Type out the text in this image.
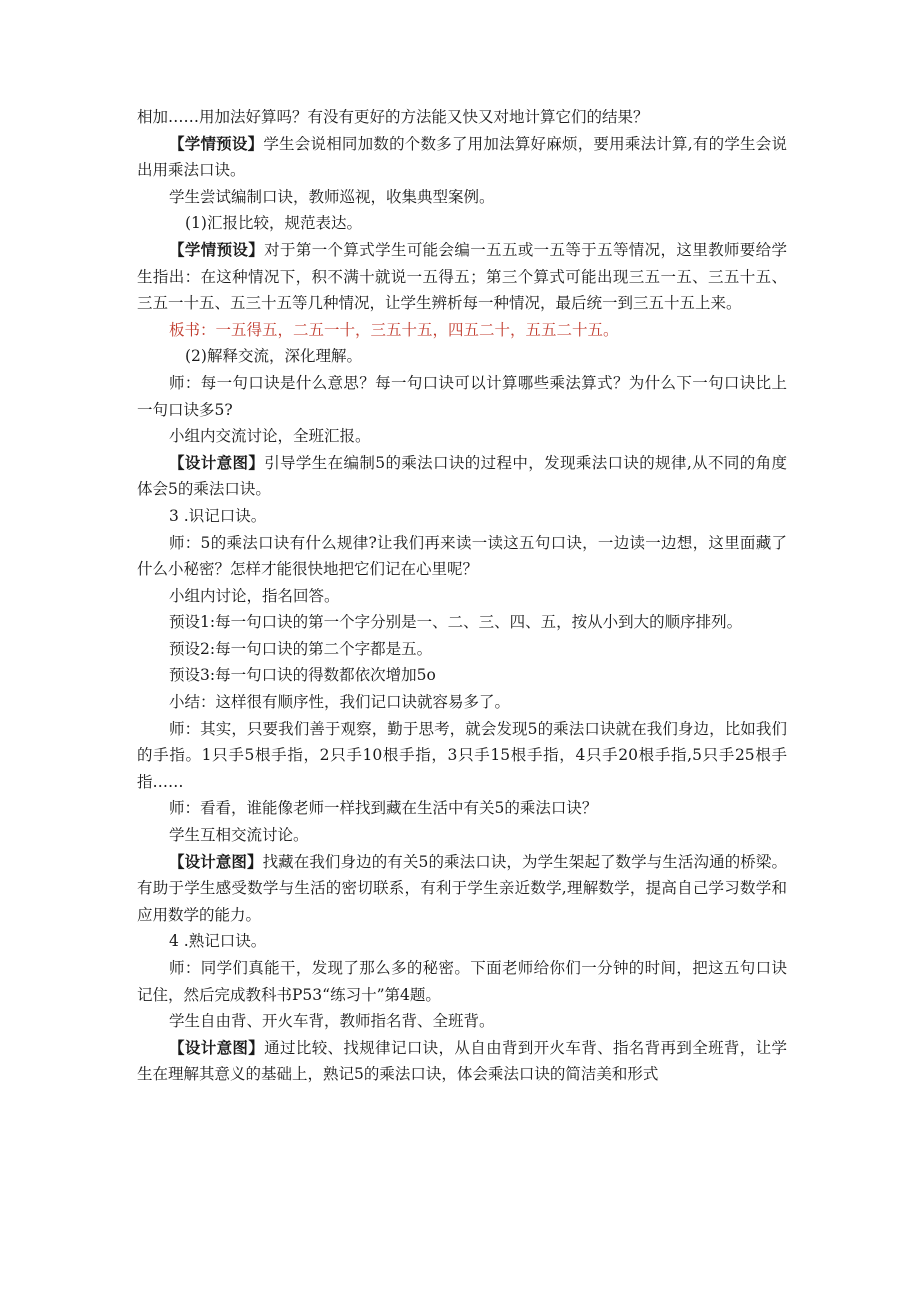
相加……用加法好算吗？有没有更好的方法能又快又对地计算它们的结果？

【学情预设】学生会说相同加数的个数多了用加法算好麻烦，要用乘法计算,有的学生会说出用乘法口诀。

学生尝试编制口诀，教师巡视，收集典型案例。

(1)汇报比较，规范表达。

【学情预设】对于第一个算式学生可能会编一五五或一五等于五等情况，这里教师要给学生指出：在这种情况下，积不满十就说一五得五；第三个算式可能出现三五一五、三五十五、三五一十五、五三十五等几种情况，让学生辨析每一种情况，最后统一到三五十五上来。

板书：一五得五，二五一十，三五十五，四五二十，五五二十五。

(2)解释交流，深化理解。

师：每一句口诀是什么意思？每一句口诀可以计算哪些乘法算式？为什么下一句口诀比上一句口诀多5?

小组内交流讨论，全班汇报。

【设计意图】引导学生在编制5的乘法口诀的过程中，发现乘法口诀的规律,从不同的角度体会5的乘法口诀。

3 .识记口诀。

师：5的乘法口诀有什么规律?让我们再来读一读这五句口诀，一边读一边想，这里面藏了什么小秘密？怎样才能很快地把它们记在心里呢？

小组内讨论，指名回答。

预设1:每一句口诀的第一个字分别是一、二、三、四、五，按从小到大的顺序排列。

预设2:每一句口诀的第二个字都是五。

预设3:每一句口诀的得数都依次增加5o

小结：这样很有顺序性，我们记口诀就容易多了。

师：其实，只要我们善于观察，勤于思考，就会发现5的乘法口诀就在我们身边，比如我们的手指。1只手5根手指，2只手10根手指，3只手15根手指，4只手20根手指,5只手25根手指……

师：看看，谁能像老师一样找到藏在生活中有关5的乘法口诀？

学生互相交流讨论。

【设计意图】找藏在我们身边的有关5的乘法口诀，为学生架起了数学与生活沟通的桥梁。有助于学生感受数学与生活的密切联系，有利于学生亲近数学,理解数学，提高自己学习数学和应用数学的能力。

4 .熟记口诀。

师：同学们真能干，发现了那么多的秘密。下面老师给你们一分钟的时间，把这五句口诀记住，然后完成教科书P53“练习十”第4题。

学生自由背、开火车背，教师指名背、全班背。

【设计意图】通过比较、找规律记口诀，从自由背到开火车背、指名背再到全班背，让学生在理解其意义的基础上，熟记5的乘法口诀，体会乘法口诀的简洁美和形式
